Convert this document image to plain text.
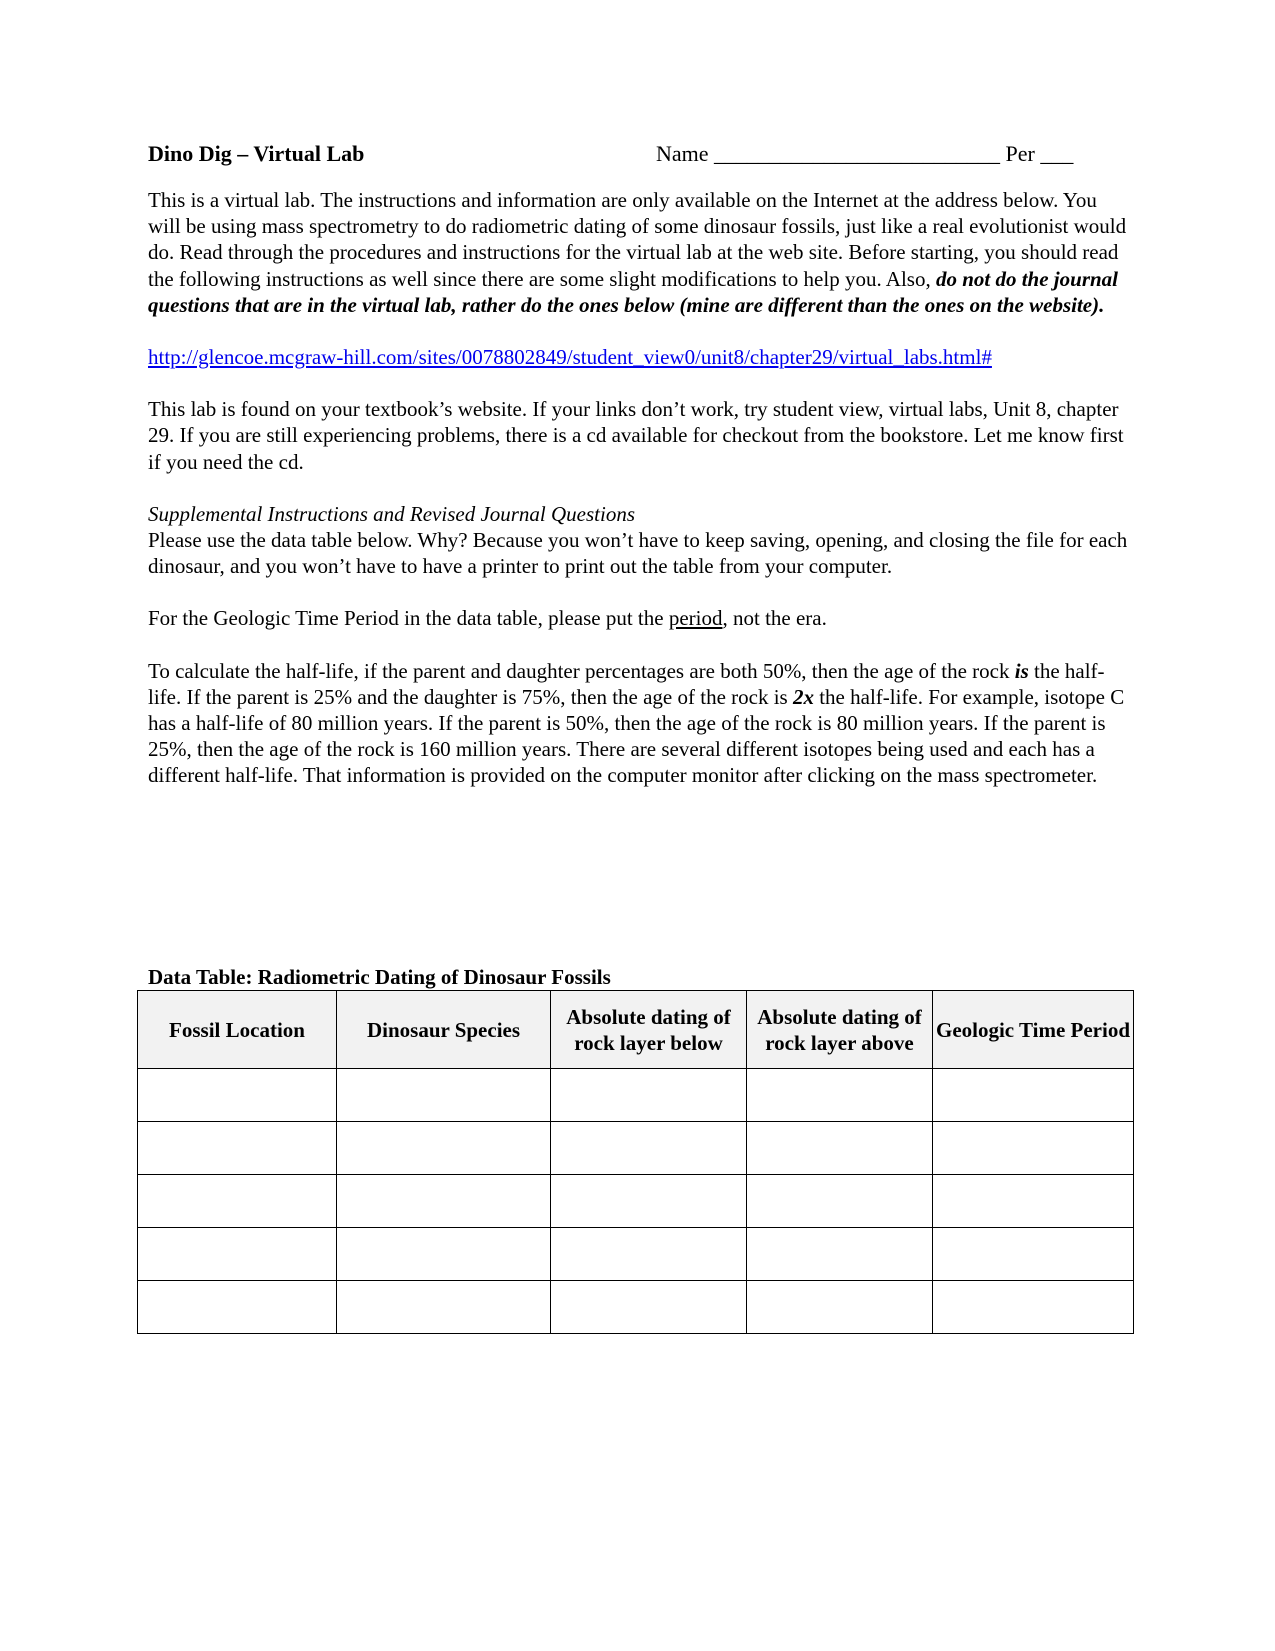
Dino Dig – Virtual Lab	Name __________________________ Per ___

This is a virtual lab. The instructions and information are only available on the Internet at the address below. You will be using mass spectrometry to do radiometric dating of some dinosaur fossils, just like a real evolutionist would do. Read through the procedures and instructions for the virtual lab at the web site. Before starting, you should read the following instructions as well since there are some slight modifications to help you. Also, do not do the journal questions that are in the virtual lab, rather do the ones below (mine are different than the ones on the website).

http://glencoe.mcgraw-hill.com/sites/0078802849/student_view0/unit8/chapter29/virtual_labs.html#

This lab is found on your textbook’s website. If your links don’t work, try student view, virtual labs, Unit 8, chapter 29. If you are still experiencing problems, there is a cd available for checkout from the bookstore. Let me know first if you need the cd.

Supplemental Instructions and Revised Journal Questions

Please use the data table below. Why? Because you won’t have to keep saving, opening, and closing the file for each dinosaur, and you won’t have to have a printer to print out the table from your computer.

For the Geologic Time Period in the data table, please put the period, not the era.

To calculate the half-life, if the parent and daughter percentages are both 50%, then the age of the rock is the half-life. If the parent is 25% and the daughter is 75%, then the age of the rock is 2x the half-life. For example, isotope C has a half-life of 80 million years. If the parent is 50%, then the age of the rock is 80 million years. If the parent is 25%, then the age of the rock is 160 million years. There are several different isotopes being used and each has a different half-life. That information is provided on the computer monitor after clicking on the mass spectrometer.

Data Table: Radiometric Dating of Dinosaur Fossils
Fossil Location	Dinosaur Species	Absolute dating of rock layer below	Absolute dating of rock layer above	Geologic Time Period
